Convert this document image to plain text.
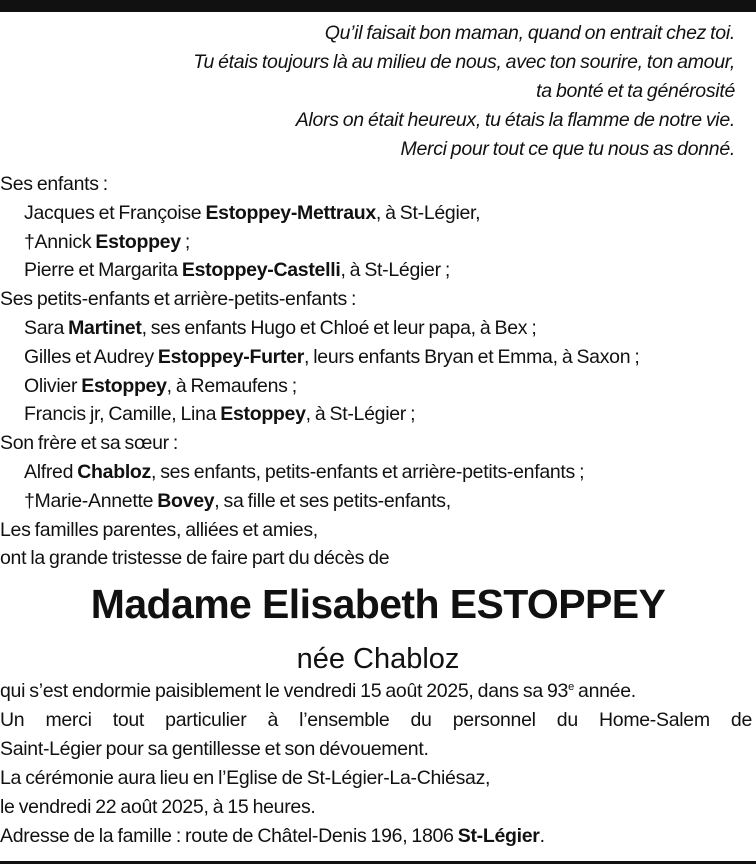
Qu’il faisait bon maman, quand on entrait chez toi.
Tu étais toujours là au milieu de nous, avec ton sourire, ton amour,
ta bonté et ta générosité
Alors on était heureux, tu étais la flamme de notre vie.
Merci pour tout ce que tu nous as donné.
Ses enfants :
Jacques et Françoise Estoppey-Mettraux, à St-Légier,
†Annick Estoppey ;
Pierre et Margarita Estoppey-Castelli, à St-Légier ;
Ses petits-enfants et arrière-petits-enfants :
Sara Martinet, ses enfants Hugo et Chloé et leur papa, à Bex ;
Gilles et Audrey Estoppey-Furter, leurs enfants Bryan et Emma, à Saxon ;
Olivier Estoppey, à Remaufens ;
Francis jr, Camille, Lina Estoppey, à St-Légier ;
Son frère et sa sœur :
Alfred Chabloz, ses enfants, petits-enfants et arrière-petits-enfants ;
†Marie-Annette Bovey, sa fille et ses petits-enfants,
Les familles parentes, alliées et amies,
ont la grande tristesse de faire part du décès de
Madame Elisabeth ESTOPPEY
née Chabloz
qui s’est endormie paisiblement le vendredi 15 août 2025, dans sa 93e année.
Un merci tout particulier à l’ensemble du personnel du Home-Salem de
Saint-Légier pour sa gentillesse et son dévouement.
La cérémonie aura lieu en l’Eglise de St-Légier-La-Chiésaz,
le vendredi 22 août 2025, à 15 heures.
Adresse de la famille : route de Châtel-Denis 196, 1806 St-Légier.
